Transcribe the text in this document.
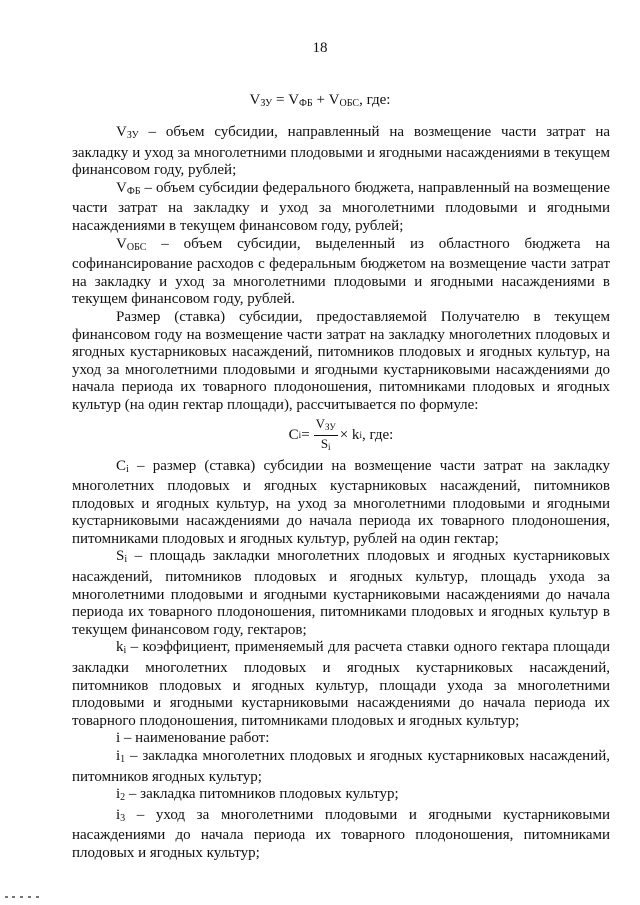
18
$V_{ЗУ} = V_{ФБ} + V_{ОБС}$, где:

$V_{ЗУ}$ – объем субсидии, направленный на возмещение части затрат на закладку и уход за многолетними плодовыми и ягодными насаждениями в текущем финансовом году, рублей;

$V_{ФБ}$ – объем субсидии федерального бюджета, направленный на возмещение части затрат на закладку и уход за многолетними плодовыми и ягодными насаждениями в текущем финансовом году, рублей;

$V_{ОБС}$ – объем субсидии, выделенный из областного бюджета на софинансирование расходов с федеральным бюджетом на возмещение части затрат на закладку и уход за многолетними плодовыми и ягодными насаждениями в текущем финансовом году, рублей.

Размер (ставка) субсидии, предоставляемой Получателю в текущем финансовом году на возмещение части затрат на закладку многолетних плодовых и ягодных кустарниковых насаждений, питомников плодовых и ягодных культур, на уход за многолетними плодовыми и ягодными кустарниковыми насаждениями до начала периода их товарного плодоношения, питомниками плодовых и ягодных культур (на один гектар площади), рассчитывается по формуле:

C $i = \frac{\text{VЗУ}}{Si} \times k$ i , где:

$C_i$ – размер (ставка) субсидии на возмещение части затрат на закладку многолетних плодовых и ягодных кустарниковых насаждений, питомников плодовых и ягодных культур, на уход за многолетними плодовыми и ягодными кустарниковыми насаждениями до начала периода их товарного плодоношения, питомниками плодовых и ягодных культур, рублей на один гектар;

$S_i$ – площадь закладки многолетних плодовых и ягодных кустарниковых насаждений, питомников плодовых и ягодных культур, площадь ухода за многолетними плодовыми и ягодными кустарниковыми насаждениями до начала периода их товарного плодоношения, питомниками плодовых и ягодных культур в текущем финансовом году, гектаров;

$k_i$ – коэффициент, применяемый для расчета ставки одного гектара площади закладки многолетних плодовых и ягодных кустарниковых насаждений, питомников плодовых и ягодных культур, площади ухода за многолетними плодовыми и ягодными кустарниковыми насаждениями до начала периода их товарного плодоношения, питомниками плодовых и ягодных культур;

i – наименование работ:

$i_1$ – закладка многолетних плодовых и ягодных кустарниковых насаждений, питомников ягодных культур;

$i_2$ – закладка питомников плодовых культур;

$i_3$ – уход за многолетними плодовыми и ягодными кустарниковыми насаждениями до начала периода их товарного плодоношения, питомниками плодовых и ягодных культур;
